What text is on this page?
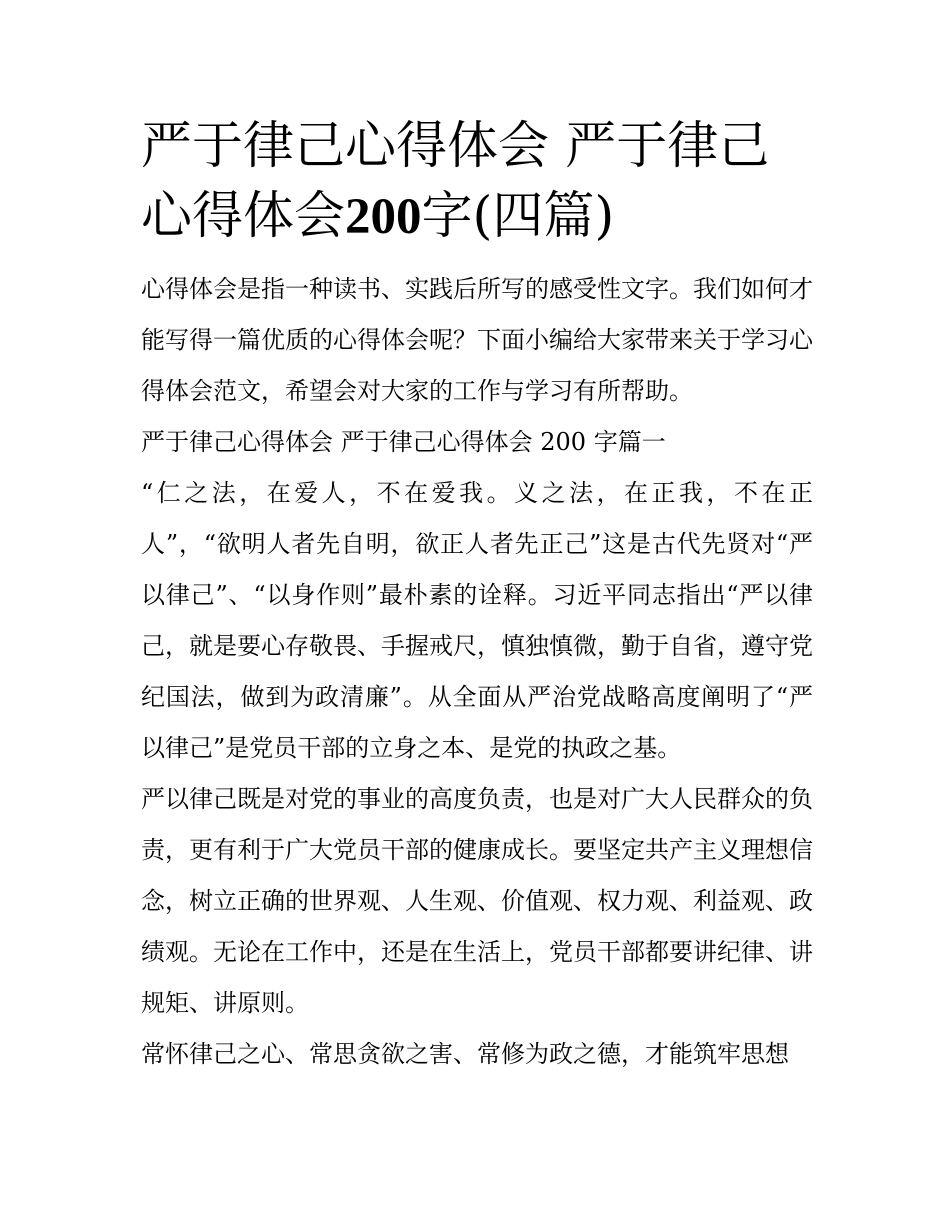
严于律己心得体会 严于律己心得体会200字(四篇)

心得体会是指一种读书、实践后所写的感受性文字。我们如何才能写得一篇优质的心得体会呢？下面小编给大家带来关于学习心得体会范文，希望会对大家的工作与学习有所帮助。

严于律己心得体会 严于律己心得体会 200 字篇一

“仁之法，在爱人，不在爱我。义之法，在正我，不在正人”，“欲明人者先自明，欲正人者先正己”这是古代先贤对“严以律己”、“以身作则”最朴素的诠释。习近平同志指出“严以律己，就是要心存敬畏、手握戒尺，慎独慎微，勤于自省，遵守党纪国法，做到为政清廉”。从全面从严治党战略高度阐明了“严以律己”是党员干部的立身之本、是党的执政之基。

严以律己既是对党的事业的高度负责，也是对广大人民群众的负责，更有利于广大党员干部的健康成长。要坚定共产主义理想信念，树立正确的世界观、人生观、价值观、权力观、利益观、政绩观。无论在工作中，还是在生活上，党员干部都要讲纪律、讲规矩、讲原则。

常怀律己之心、常思贪欲之害、常修为政之德，才能筑牢思想
